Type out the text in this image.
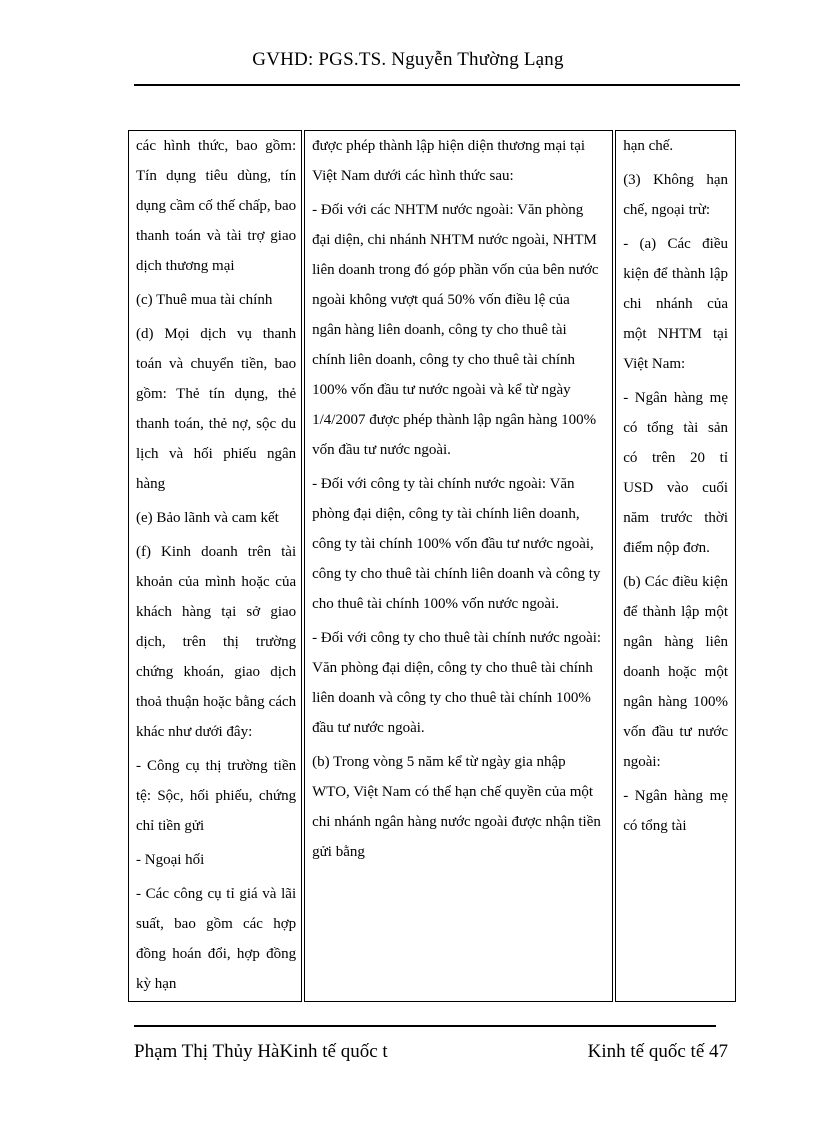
GVHD: PGS.TS. Nguyễn Thường Lạng

các hình thức, bao gồm: Tín dụng tiêu dùng, tín dụng cầm cố thế chấp, bao thanh toán và tài trợ giao dịch thương mại

(c) Thuê mua tài chính

(d) Mọi dịch vụ thanh toán và chuyển tiền, bao gồm: Thẻ tín dụng, thẻ thanh toán, thẻ nợ, sộc du lịch và hối phiếu ngân hàng

(e) Bảo lãnh và cam kết

(f) Kinh doanh trên tài khoản của mình hoặc của khách hàng tại sở giao dịch, trên thị trường chứng khoán, giao dịch thoả thuận hoặc bằng cách khác như dưới đây:

- Công cụ thị trường tiền tệ: Sộc, hối phiếu, chứng chỉ tiền gửi

- Ngoại hối

- Các công cụ tỉ giá và lãi suất, bao gồm các hợp đồng hoán đổi, hợp đồng kỳ hạn

được phép thành lập hiện diện thương mại tại Việt Nam dưới các hình thức sau:

- Đối với các NHTM nước ngoài: Văn phòng đại diện, chi nhánh NHTM nước ngoài, NHTM liên doanh trong đó góp phần vốn của bên nước ngoài không vượt quá 50% vốn điều lệ của ngân hàng liên doanh, công ty cho thuê tài chính liên doanh, công ty cho thuê tài chính 100% vốn đầu tư nước ngoài và kể từ ngày 1/4/2007 được phép thành lập ngân hàng 100% vốn đầu tư nước ngoài.

- Đối với công ty tài chính nước ngoài: Văn phòng đại diện, công ty tài chính liên doanh, công ty tài chính 100% vốn đầu tư nước ngoài, công ty cho thuê tài chính liên doanh và công ty cho thuê tài chính 100% vốn nước ngoài.

- Đối với công ty cho thuê tài chính nước ngoài: Văn phòng đại diện, công ty cho thuê tài chính liên doanh và công ty cho thuê tài chính 100% đầu tư nước ngoài.

(b) Trong vòng 5 năm kể từ ngày gia nhập WTO, Việt Nam có thể hạn chế quyền của một chi nhánh ngân hàng nước ngoài được nhận tiền gửi bằng

hạn chế.

(3) Không hạn chế, ngoại trừ:

- (a) Các điều kiện để thành lập chi nhánh của một NHTM tại Việt Nam:

- Ngân hàng mẹ có tổng tài sản có trên 20 tỉ USD vào cuối năm trước thời điểm nộp đơn.

(b) Các điều kiện để thành lập một ngân hàng liên doanh hoặc một ngân hàng 100% vốn đầu tư nước ngoài:

- Ngân hàng mẹ có tổng tài

Phạm Thị Thủy HàKinh tế quốc t	Kinh tế quốc tế 47
